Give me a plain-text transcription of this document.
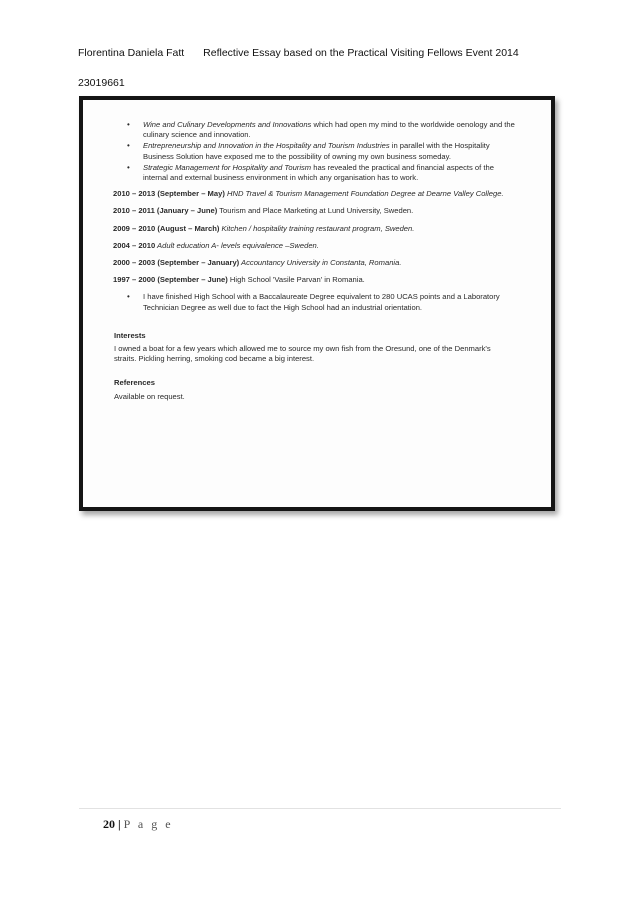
Florentina Daniela Fatt Reflective Essay based on the Practical Visiting Fellows Event 2014
23019661
• Wine and Culinary Developments and Innovations which had open my mind to the worldwide oenology and the culinary science and innovation.
• Entrepreneurship and Innovation in the Hospitality and Tourism Industries in parallel with the Hospitality Business Solution have exposed me to the possibility of owning my own business someday.
• Strategic Management for Hospitality and Tourism has revealed the practical and financial aspects of the internal and external business environment in which any organisation has to work.
2010 – 2013 (September – May) HND Travel & Tourism Management Foundation Degree at Dearne Valley College.
2010 – 2011 (January – June) Tourism and Place Marketing at Lund University, Sweden.
2009 – 2010 (August – March) Kitchen / hospitality training restaurant program, Sweden.
2004 – 2010 Adult education A- levels equivalence –Sweden.
2000 – 2003 (September – January) Accountancy University in Constanta, Romania.
1997 – 2000 (September – June) High School 'Vasile Parvan' in Romania.
• I have finished High School with a Baccalaureate Degree equivalent to 280 UCAS points and a Laboratory Technician Degree as well due to fact the High School had an industrial orientation.
Interests
I owned a boat for a few years which allowed me to source my own fish from the Oresund, one of the Denmark's straits. Pickling herring, smoking cod became a big interest.
References
Available on request.
20 | P a g e
